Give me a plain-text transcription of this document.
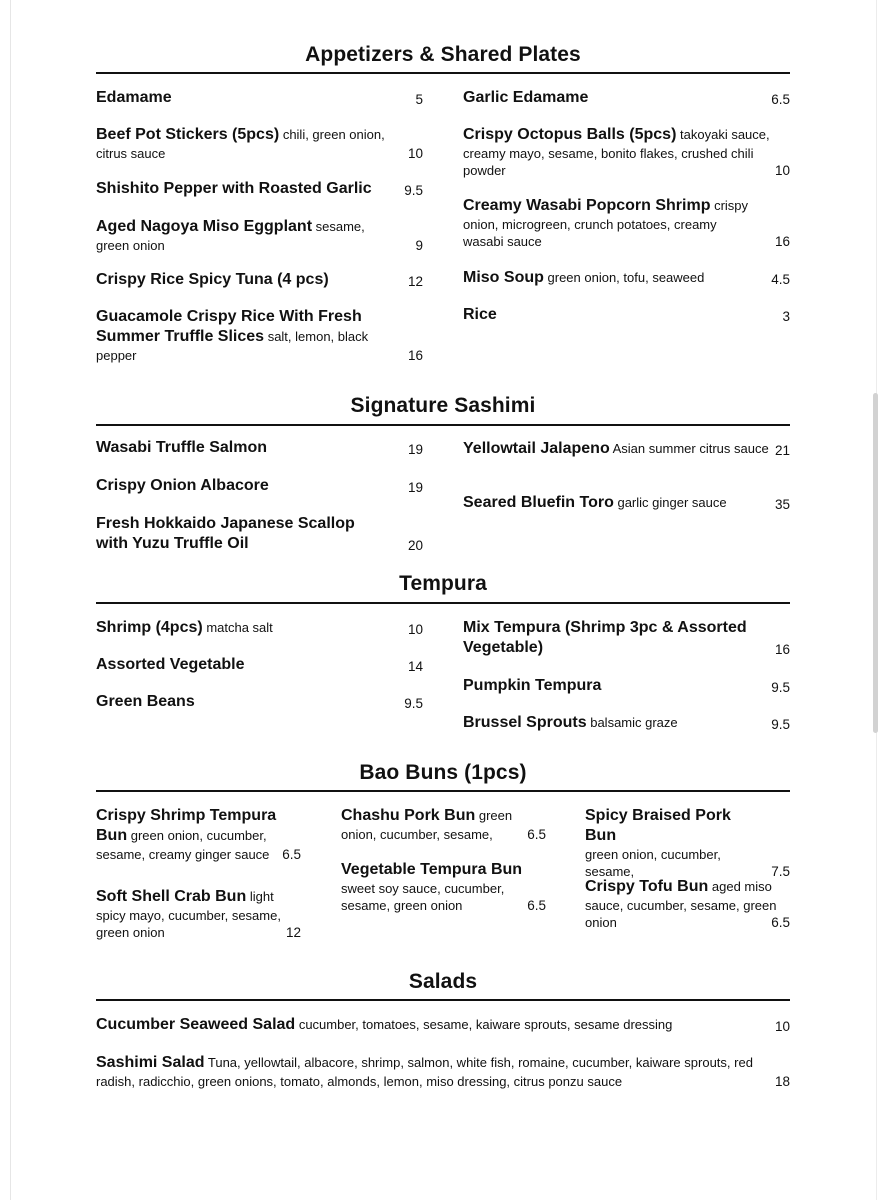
Appetizers & Shared Plates
Edamame	5
Beef Pot Stickers (5pcs) chili, green onion, citrus sauce	10
Shishito Pepper with Roasted Garlic 9.5
Aged Nagoya Miso Eggplant sesame, green onion	9
Crispy Rice Spicy Tuna (4 pcs)	12
Guacamole Crispy Rice With Fresh Summer Truffle Slices salt, lemon, black pepper	16
Garlic Edamame	6.5
Crispy Octopus Balls (5pcs) takoyaki sauce, creamy mayo, sesame, bonito flakes, crushed chili powder	10
Creamy Wasabi Popcorn Shrimp crispy onion, microgreen, crunch potatoes, creamy wasabi sauce	16
Miso Soup green onion, tofu, seaweed	4.5
Rice	3
Signature Sashimi
Wasabi Truffle Salmon	19
Crispy Onion Albacore	19
Fresh Hokkaido Japanese Scallop with Yuzu Truffle Oil	20
Yellowtail Jalapeno Asian summer citrus sauce 21
Seared Bluefin Toro garlic ginger sauce	35
Tempura
Shrimp (4pcs) matcha salt	10
Assorted Vegetable	14
Green Beans	9.5
Mix Tempura (Shrimp 3pc & Assorted Vegetable)	16
Pumpkin Tempura	9.5
Brussel Sprouts balsamic graze	9.5
Bao Buns (1pcs)
Crispy Shrimp Tempura Bun green onion, cucumber, sesame, creamy ginger sauce 6.5
Soft Shell Crab Bun light spicy mayo, cucumber, sesame, green onion	12
Chashu Pork Bun green onion, cucumber, sesame,	6.5
Vegetable Tempura Bun
sweet soy sauce, cucumber, sesame, green onion	6.5
Spicy Braised Pork Bun
green onion, cucumber, sesame,	7.5
Crispy Tofu Bun aged miso sauce, cucumber, sesame, green onion	6.5
Salads
Cucumber Seaweed Salad cucumber, tomatoes, sesame, kaiware sprouts, sesame dressing	10
Sashimi Salad Tuna, yellowtail, albacore, shrimp, salmon, white fish, romaine, cucumber, kaiware sprouts, red radish, radicchio, green onions, tomato, almonds, lemon, miso dressing, citrus ponzu sauce	18
